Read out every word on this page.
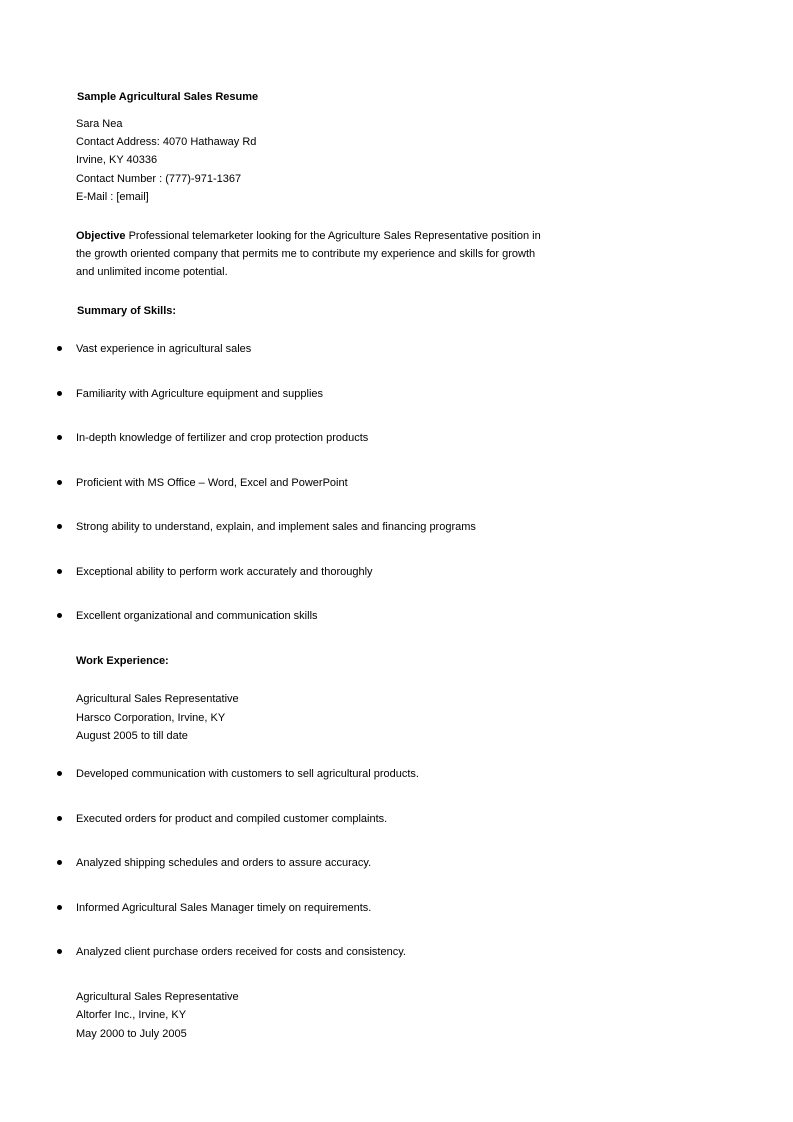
Sample Agricultural Sales Resume
Sara Nea
Contact Address: 4070 Hathaway Rd
Irvine, KY 40336
Contact Number : (777)-971-1367
E-Mail : [email]
Objective Professional telemarketer looking for the Agriculture Sales Representative position in
the growth oriented company that permits me to contribute my experience and skills for growth
and unlimited income potential.
Summary of Skills:
Vast experience in agricultural sales
Familiarity with Agriculture equipment and supplies
In-depth knowledge of fertilizer and crop protection products
Proficient with MS Office – Word, Excel and PowerPoint
Strong ability to understand, explain, and implement sales and financing programs
Exceptional ability to perform work accurately and thoroughly
Excellent organizational and communication skills
Work Experience:
Agricultural Sales Representative
Harsco Corporation, Irvine, KY
August 2005 to till date
Developed communication with customers to sell agricultural products.
Executed orders for product and compiled customer complaints.
Analyzed shipping schedules and orders to assure accuracy.
Informed Agricultural Sales Manager timely on requirements.
Analyzed client purchase orders received for costs and consistency.
Agricultural Sales Representative
Altorfer Inc., Irvine, KY
May 2000 to July 2005
